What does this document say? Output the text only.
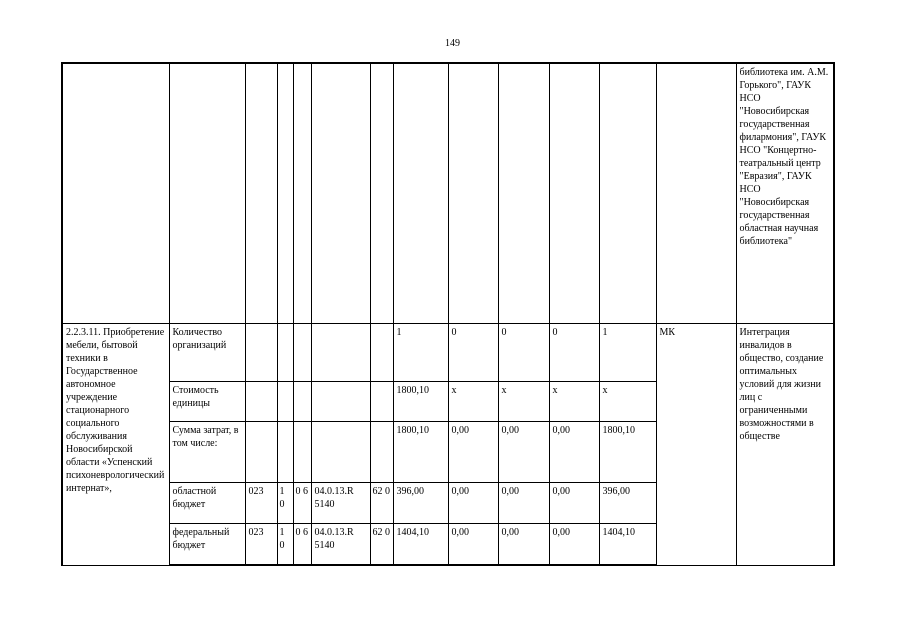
149
													библиотека им. А.М. Горького", ГАУК НСО "Новосибирская государственная филармония", ГАУК НСО "Концертно-театральный центр "Евразия", ГАУК НСО "Новосибирская государственная областная научная библиотека"
2.2.3.11. Приобретение мебели, бытовой техники в Государственное автономное учреждение стационарного социального обслуживания Новосибирской области «Успенский психоневрологический интернат»,	Количество организаций						1	0	0	0	1	МК	Интеграция инвалидов в общество, создание оптимальных условий для жизни лиц с ограниченными возможностями в обществе
	Стоимость единицы						1800,10	x	x	x	x		
	Сумма затрат, в том числе:						1800,10	0,00	0,00	0,00	1800,10		
	областной бюджет	023	1 0	0 6	04.0.13.R 5140	62 0	396,00	0,00	0,00	0,00	396,00		
	федеральный бюджет	023	1 0	0 6	04.0.13.R 5140	62 0	1404,10	0,00	0,00	0,00	1404,10		
